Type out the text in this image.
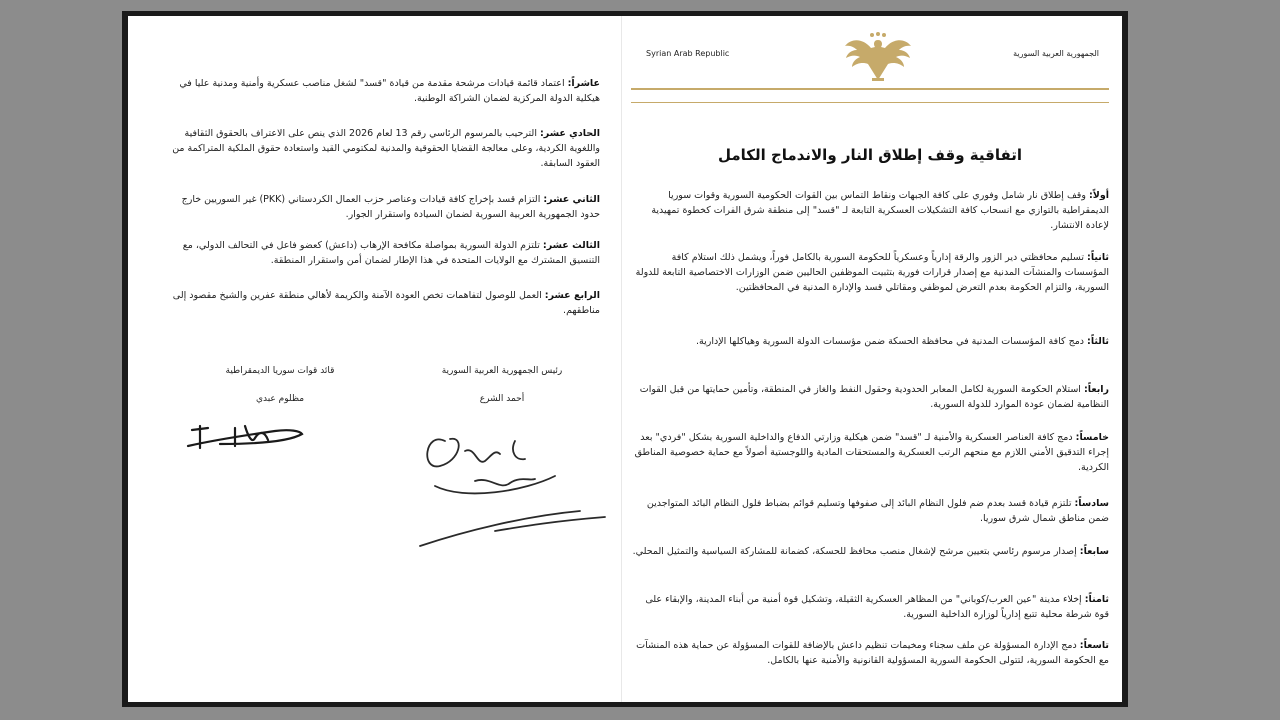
عاشراً: اعتماد قائمة قيادات مرشحة مقدمة من قيادة "قسد" لشغل مناصب عسكرية وأمنية ومدنية عليا في هيكلية الدولة المركزية لضمان الشراكة الوطنية.

الحادي عشر: الترحيب بالمرسوم الرئاسي رقم 13 لعام 2026 الذي ينص على الاعتراف بالحقوق الثقافية واللغوية الكردية، وعلى معالجة القضايا الحقوقية والمدنية لمكتومي القيد واستعادة حقوق الملكية المتراكمة من العقود السابقة.

الثاني عشر: التزام قسد بإخراج كافة قيادات وعناصر حزب العمال الكردستاني (PKK) غير السوريين خارج حدود الجمهورية العربية السورية لضمان السيادة واستقرار الجوار.

الثالث عشر: تلتزم الدولة السورية بمواصلة مكافحة الإرهاب (داعش) كعضو فاعل في التحالف الدولي، مع التنسيق المشترك مع الولايات المتحدة في هذا الإطار لضمان أمن واستقرار المنطقة.

الرابع عشر: العمل للوصول لتفاهمات تخص العودة الآمنة والكريمة لأهالي منطقة عفرين والشيخ مقصود إلى مناطقهم.

رئيس الجمهورية العربية السورية
أحمد الشرع
قائد قوات سوريا الديمقراطية
مظلوم عبدي
الجمهورية العربية السورية
Syrian Arab Republic
اتفاقية وقف إطلاق النار والاندماج الكامل

أولاً: وقف إطلاق نار شامل وفوري على كافة الجبهات ونقاط التماس بين القوات الحكومية السورية وقوات سوريا الديمقراطية بالتوازي مع انسحاب كافة التشكيلات العسكرية التابعة لـ "قسد" إلى منطقة شرق الفرات كخطوة تمهيدية لإعادة الانتشار.

ثانياً: تسليم محافظتي دير الزور والرقة إدارياً وعسكرياً للحكومة السورية بالكامل فوراً، ويشمل ذلك استلام كافة المؤسسات والمنشآت المدنية مع إصدار قرارات فورية بتثبيت الموظفين الحاليين ضمن الوزارات الاختصاصية التابعة للدولة السورية، والتزام الحكومة بعدم التعرض لموظفي ومقاتلي قسد والإدارة المدنية في المحافظتين.

ثالثاً: دمج كافة المؤسسات المدنية في محافظة الحسكة ضمن مؤسسات الدولة السورية وهياكلها الإدارية.

رابعاً: استلام الحكومة السورية لكامل المعابر الحدودية وحقول النفط والغاز في المنطقة، وتأمين حمايتها من قبل القوات النظامية لضمان عودة الموارد للدولة السورية.

خامساً: دمج كافة العناصر العسكرية والأمنية لـ "قسد" ضمن هيكلية وزارتي الدفاع والداخلية السورية بشكل "فردي" بعد إجراء التدقيق الأمني اللازم مع منحهم الرتب العسكرية والمستحقات المادية واللوجستية أصولاً مع حماية خصوصية المناطق الكردية.

سادساً: تلتزم قيادة قسد بعدم ضم فلول النظام البائد إلى صفوفها وتسليم قوائم بضباط فلول النظام البائد المتواجدين ضمن مناطق شمال شرق سوريا.

سابعاً: إصدار مرسوم رئاسي بتعيين مرشح لإشغال منصب محافظ للحسكة، كضمانة للمشاركة السياسية والتمثيل المحلي.

ثامناً: إخلاء مدينة "عين العرب/كوباني" من المظاهر العسكرية الثقيلة، وتشكيل قوة أمنية من أبناء المدينة، والإبقاء على قوة شرطة محلية تتبع إدارياً لوزارة الداخلية السورية.

تاسعاً: دمج الإدارة المسؤولة عن ملف سجناء ومخيمات تنظيم داعش بالإضافة للقوات المسؤولة عن حماية هذه المنشآت مع الحكومة السورية، لتتولى الحكومة السورية المسؤولية القانونية والأمنية عنها بالكامل.
